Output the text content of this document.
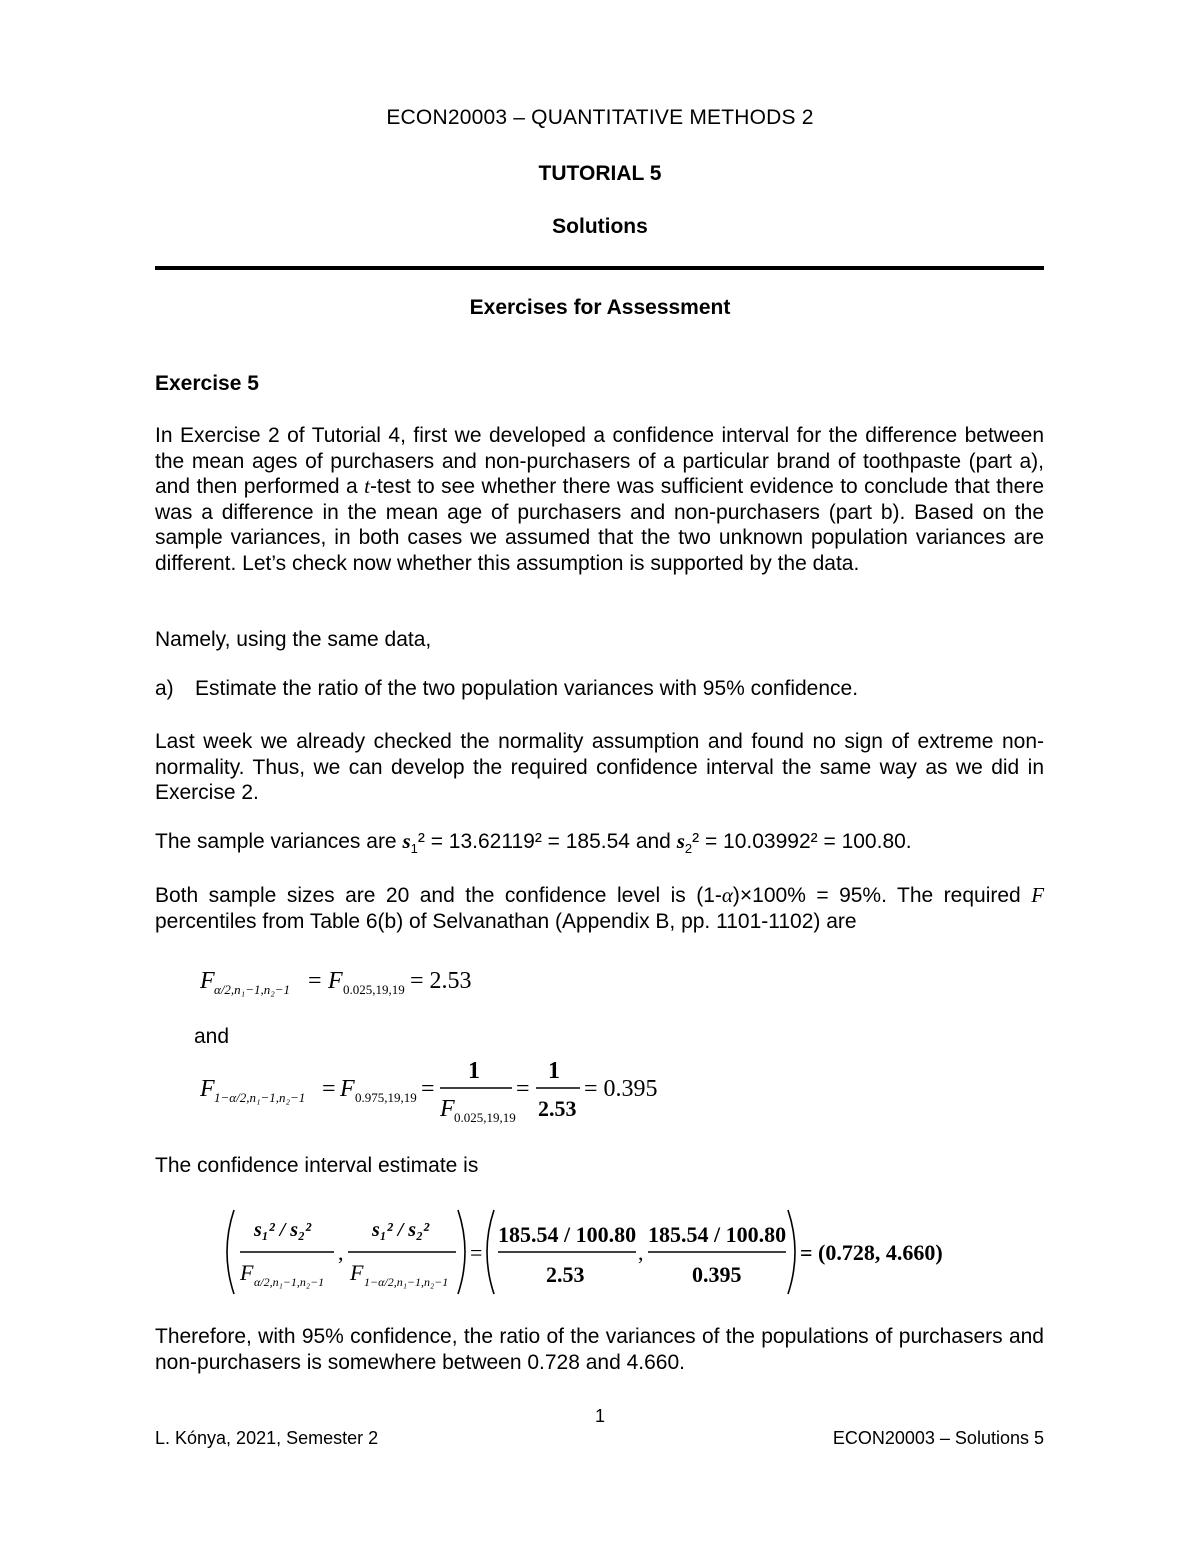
ECON20003 – QUANTITATIVE METHODS 2
TUTORIAL 5
Solutions
Exercises for Assessment
Exercise 5

In Exercise 2 of Tutorial 4, first we developed a confidence interval for the difference between the mean ages of purchasers and non-purchasers of a particular brand of toothpaste (part a), and then performed a t-test to see whether there was sufficient evidence to conclude that there was a difference in the mean age of purchasers and non-purchasers (part b). Based on the sample variances, in both cases we assumed that the two unknown population variances are different. Let’s check now whether this assumption is supported by the data.

Namely, using the same data,

a) Estimate the ratio of the two population variances with 95% confidence.

Last week we already checked the normality assumption and found no sign of extreme non-normality. Thus, we can develop the required confidence interval the same way as we did in Exercise 2.

The sample variances are $s_1^2 = 13.62119^2 = 185.54$ and $s_2^2 = 10.03992^2 = 100.80$.

Both sample sizes are 20 and the confidence level is (1-α)×100% = 95%. The required F percentiles from Table 6(b) of Selvanathan (Appendix B, pp. 1101-1102) are

F α/2,n₁−1,n₂−1 = F 0.025,19,19 = 2.53
and
F 1−α/2,n₁−1,n₂−1 = F 0.975,19,19 =
1
F 0.025,19,19
=
1
2.53
= 0.395
The confidence interval estimate is
s₁² / s₂²
F α/2,n₁−1,n₂−1
,
s₁² / s₂²
F 1−α/2,n₁−1,n₂−1
=
185.54 / 100.80
2.53
,
185.54 / 100.80
0.395
= (0.728, 4.660)

Therefore, with 95% confidence, the ratio of the variances of the populations of purchasers and non-purchasers is somewhere between 0.728 and 4.660.

1
L. Kónya, 2021, Semester 2	ECON20003 – Solutions 5
